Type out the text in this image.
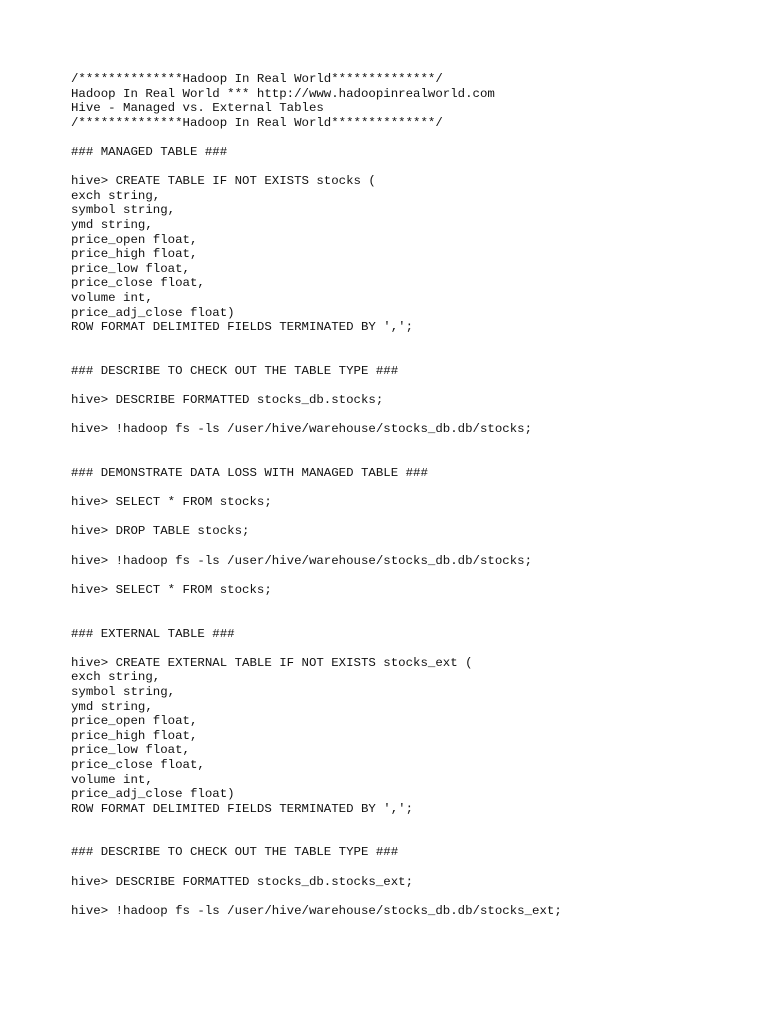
/**************Hadoop In Real World**************/
Hadoop In Real World *** http://www.hadoopinrealworld.com
Hive - Managed vs. External Tables
/**************Hadoop In Real World**************/
### MANAGED TABLE ###
hive> CREATE TABLE IF NOT EXISTS stocks (
exch string,
symbol string,
ymd string,
price_open float,
price_high float,
price_low float,
price_close float,
volume int,
price_adj_close float)
ROW FORMAT DELIMITED FIELDS TERMINATED BY ',';
### DESCRIBE TO CHECK OUT THE TABLE TYPE ###
hive> DESCRIBE FORMATTED stocks_db.stocks;
hive> !hadoop fs -ls /user/hive/warehouse/stocks_db.db/stocks;
### DEMONSTRATE DATA LOSS WITH MANAGED TABLE ###
hive> SELECT * FROM stocks;
hive> DROP TABLE stocks;
hive> !hadoop fs -ls /user/hive/warehouse/stocks_db.db/stocks;
hive> SELECT * FROM stocks;
### EXTERNAL TABLE ###
hive> CREATE EXTERNAL TABLE IF NOT EXISTS stocks_ext (
exch string,
symbol string,
ymd string,
price_open float,
price_high float,
price_low float,
price_close float,
volume int,
price_adj_close float)
ROW FORMAT DELIMITED FIELDS TERMINATED BY ',';
### DESCRIBE TO CHECK OUT THE TABLE TYPE ###
hive> DESCRIBE FORMATTED stocks_db.stocks_ext;
hive> !hadoop fs -ls /user/hive/warehouse/stocks_db.db/stocks_ext;
